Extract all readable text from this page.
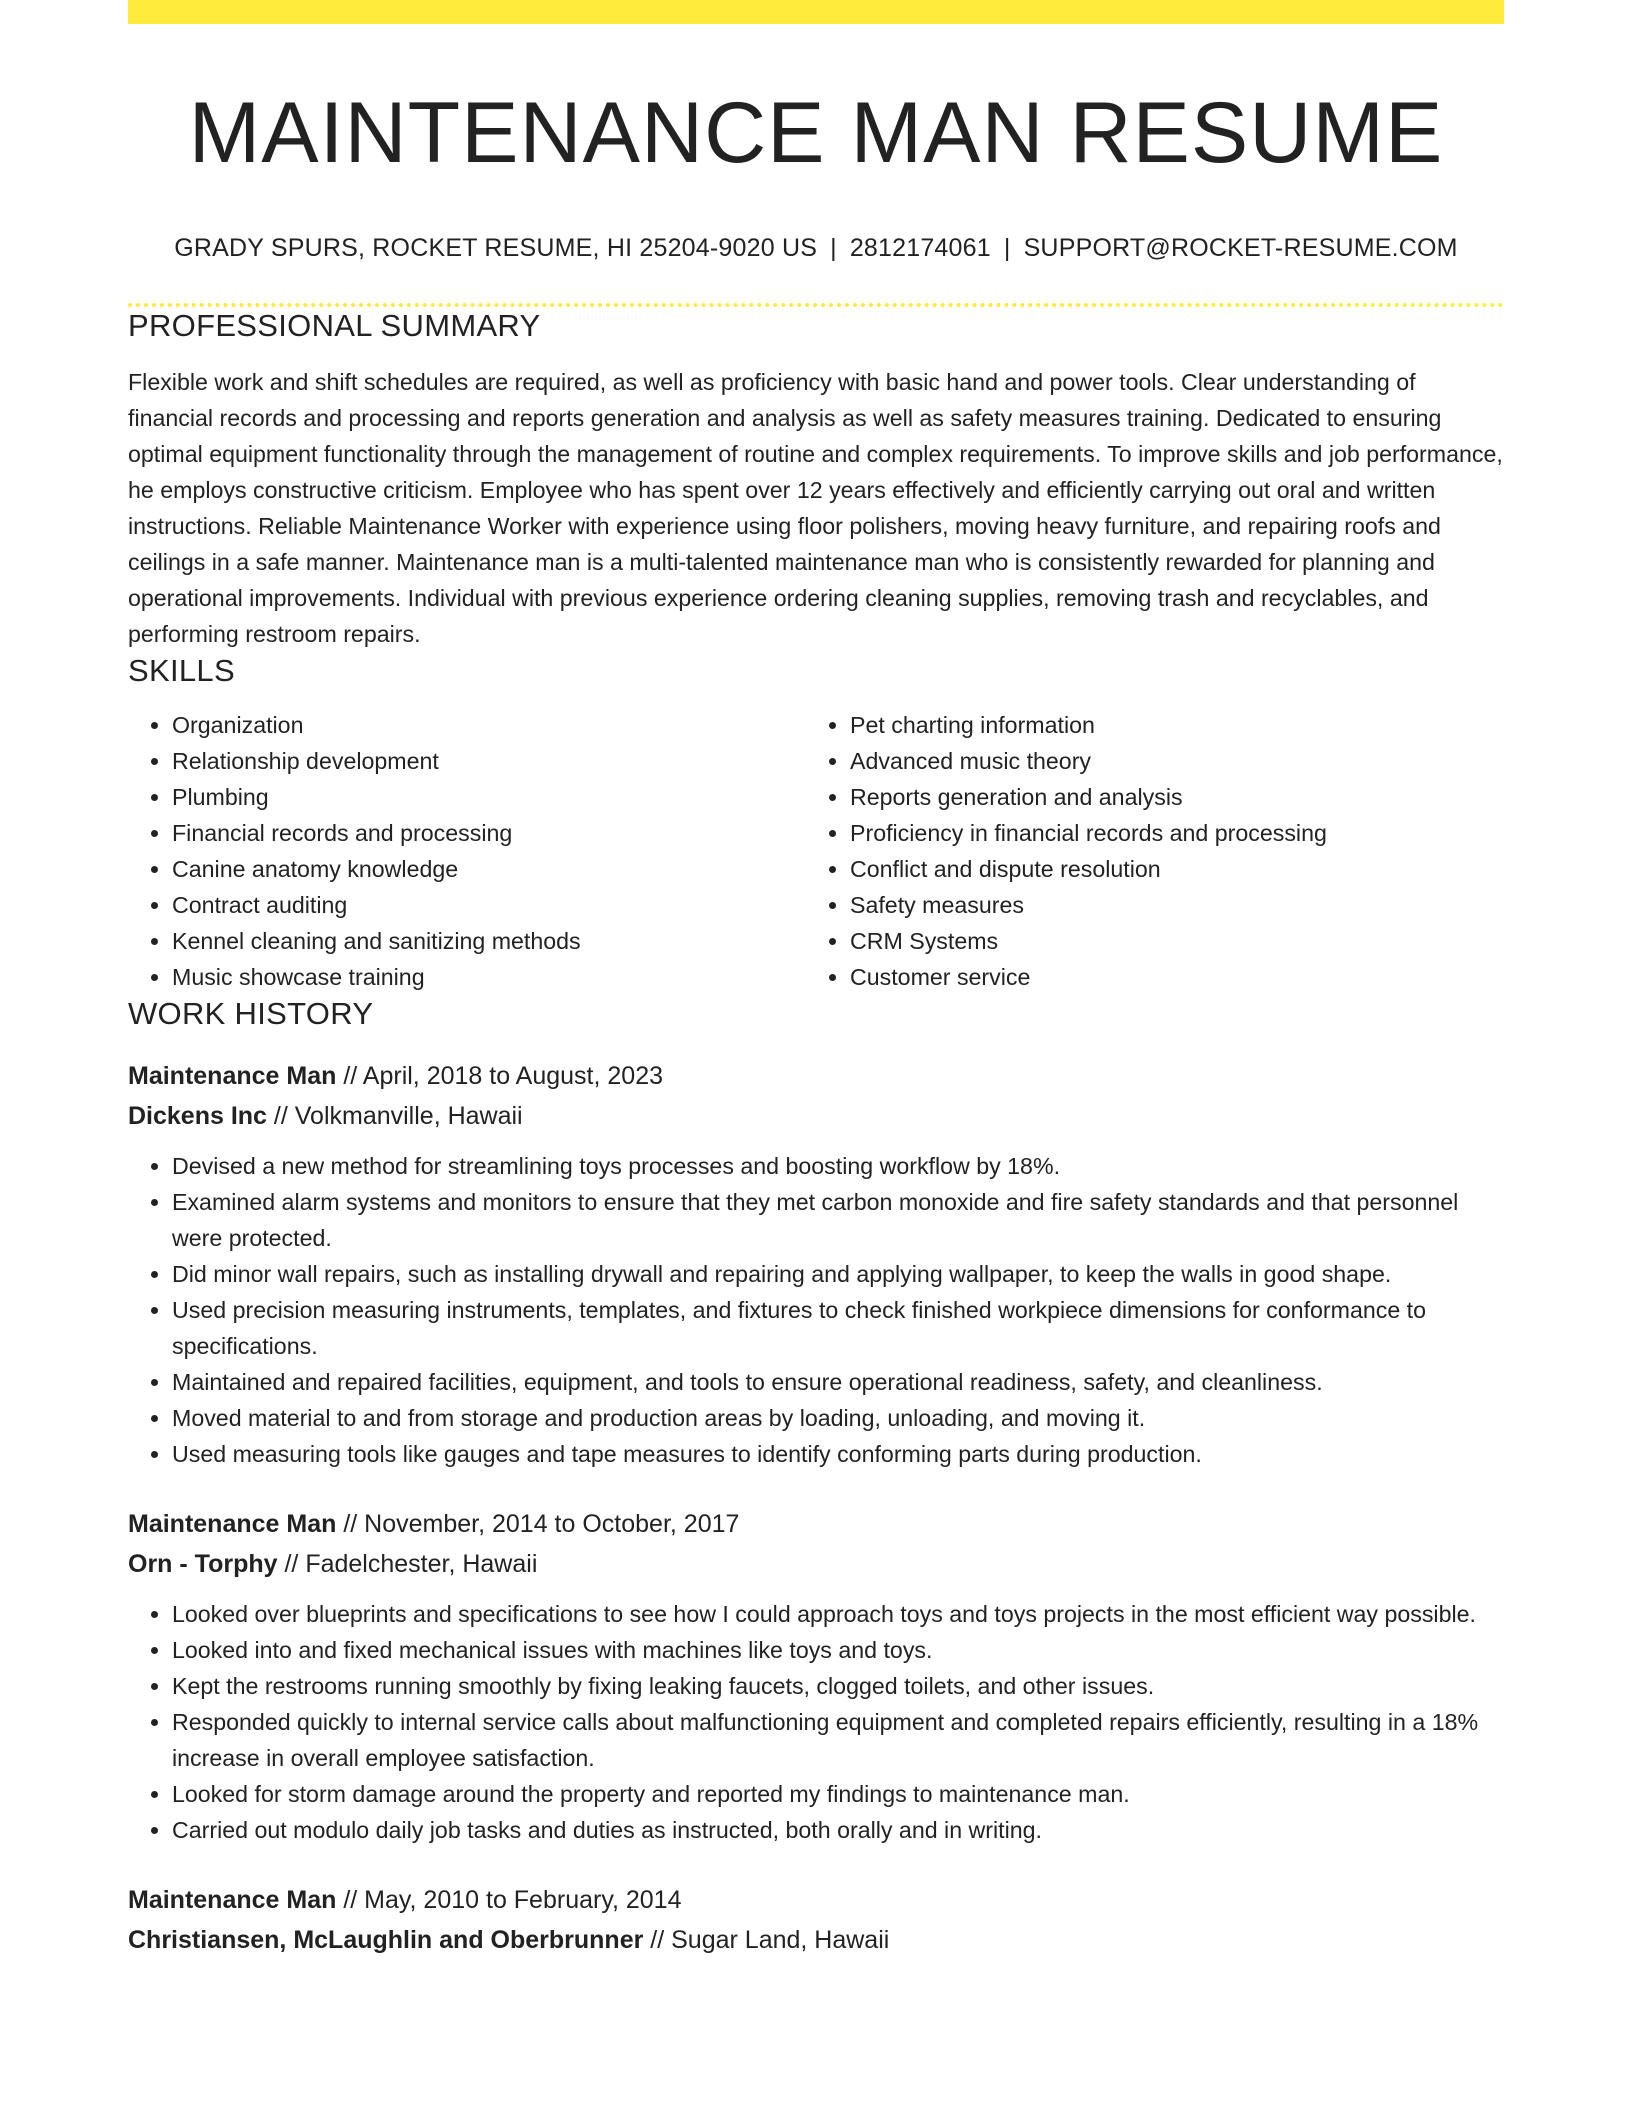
MAINTENANCE MAN RESUME
GRADY SPURS, ROCKET RESUME, HI 25204-9020 US | 2812174061 | SUPPORT@ROCKET-RESUME.COM
PROFESSIONAL SUMMARY

Flexible work and shift schedules are required, as well as proficiency with basic hand and power tools. Clear understanding of financial records and processing and reports generation and analysis as well as safety measures training. Dedicated to ensuring optimal equipment functionality through the management of routine and complex requirements. To improve skills and job performance, he employs constructive criticism. Employee who has spent over 12 years effectively and efficiently carrying out oral and written instructions. Reliable Maintenance Worker with experience using floor polishers, moving heavy furniture, and repairing roofs and ceilings in a safe manner. Maintenance man is a multi-talented maintenance man who is consistently rewarded for planning and operational improvements. Individual with previous experience ordering cleaning supplies, removing trash and recyclables, and performing restroom repairs.

SKILLS
• Organization
• Relationship development
• Plumbing
• Financial records and processing
• Canine anatomy knowledge
• Contract auditing
• Kennel cleaning and sanitizing methods
• Music showcase training
• Pet charting information
• Advanced music theory
• Reports generation and analysis
• Proficiency in financial records and processing
• Conflict and dispute resolution
• Safety measures
• CRM Systems
• Customer service
WORK HISTORY
Maintenance Man // April, 2018 to August, 2023
Dickens Inc // Volkmanville, Hawaii
• Devised a new method for streamlining toys processes and boosting workflow by 18%.
• Examined alarm systems and monitors to ensure that they met carbon monoxide and fire safety standards and that personnel were protected.
• Did minor wall repairs, such as installing drywall and repairing and applying wallpaper, to keep the walls in good shape.
• Used precision measuring instruments, templates, and fixtures to check finished workpiece dimensions for conformance to specifications.
• Maintained and repaired facilities, equipment, and tools to ensure operational readiness, safety, and cleanliness.
• Moved material to and from storage and production areas by loading, unloading, and moving it.
• Used measuring tools like gauges and tape measures to identify conforming parts during production.
Maintenance Man // November, 2014 to October, 2017
Orn - Torphy // Fadelchester, Hawaii
• Looked over blueprints and specifications to see how I could approach toys and toys projects in the most efficient way possible.
• Looked into and fixed mechanical issues with machines like toys and toys.
• Kept the restrooms running smoothly by fixing leaking faucets, clogged toilets, and other issues.
• Responded quickly to internal service calls about malfunctioning equipment and completed repairs efficiently, resulting in a 18% increase in overall employee satisfaction.
• Looked for storm damage around the property and reported my findings to maintenance man.
• Carried out modulo daily job tasks and duties as instructed, both orally and in writing.
Maintenance Man // May, 2010 to February, 2014
Christiansen, McLaughlin and Oberbrunner // Sugar Land, Hawaii
